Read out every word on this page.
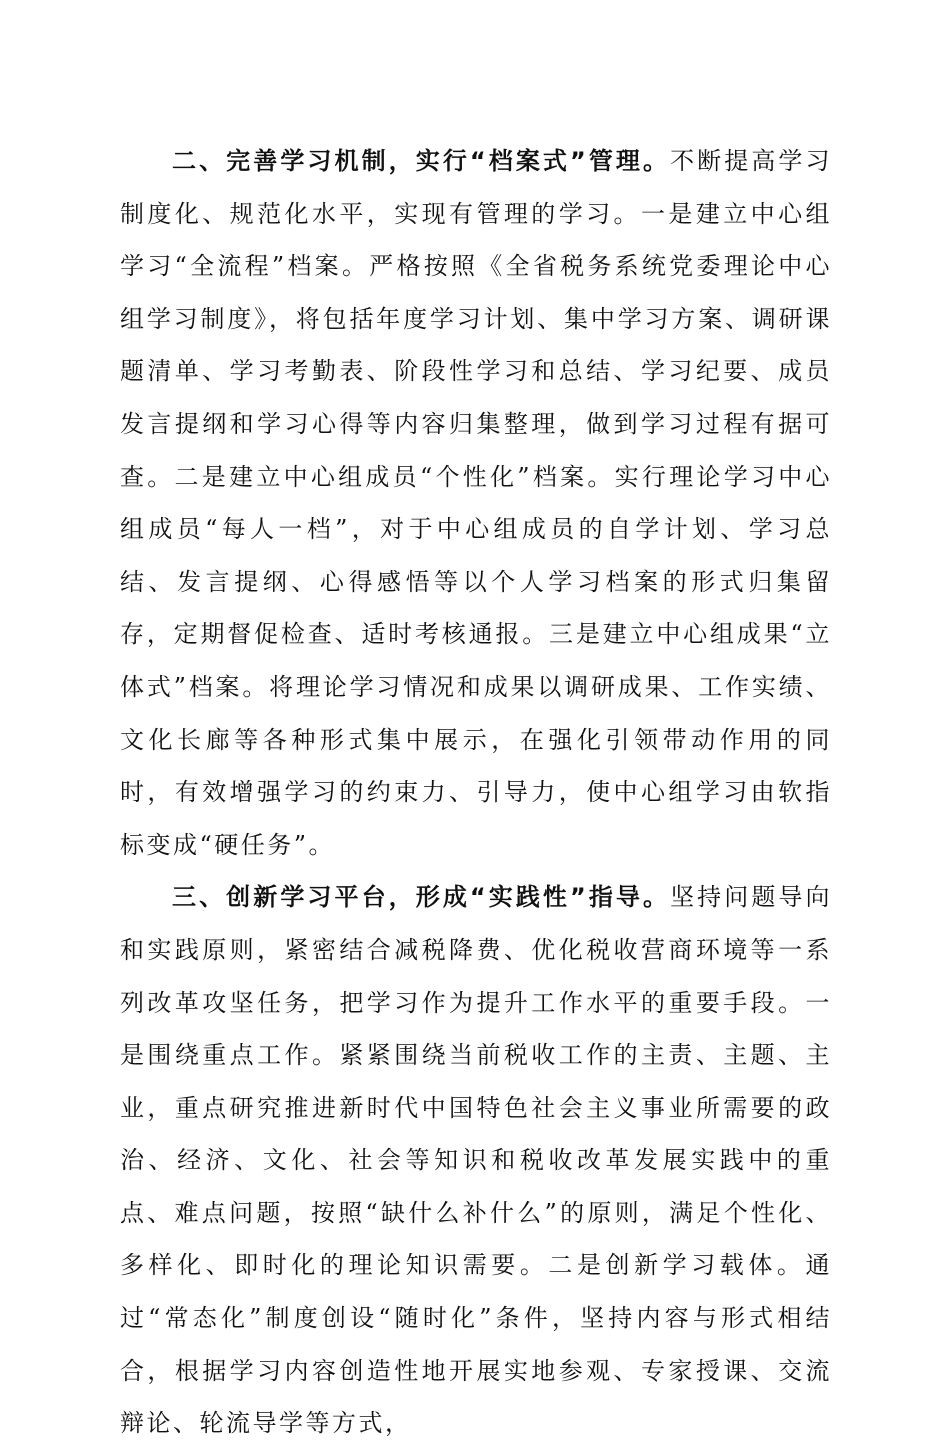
二、完善学习机制，实行“档案式”管理。不断提高学习制度化、规范化水平，实现有管理的学习。一是建立中心组学习“全流程”档案。严格按照《全省税务系统党委理论中心组学习制度》，将包括年度学习计划、集中学习方案、调研课题清单、学习考勤表、阶段性学习和总结、学习纪要、成员发言提纲和学习心得等内容归集整理，做到学习过程有据可查。二是建立中心组成员“个性化”档案。实行理论学习中心组成员“每人一档”，对于中心组成员的自学计划、学习总结、发言提纲、心得感悟等以个人学习档案的形式归集留存，定期督促检查、适时考核通报。三是建立中心组成果“立体式”档案。将理论学习情况和成果以调研成果、工作实绩、文化长廊等各种形式集中展示，在强化引领带动作用的同时，有效增强学习的约束力、引导力，使中心组学习由软指标变成“硬任务”。

三、创新学习平台，形成“实践性”指导。坚持问题导向和实践原则，紧密结合减税降费、优化税收营商环境等一系列改革攻坚任务，把学习作为提升工作水平的重要手段。一是围绕重点工作。紧紧围绕当前税收工作的主责、主题、主业，重点研究推进新时代中国特色社会主义事业所需要的政治、经济、文化、社会等知识和税收改革发展实践中的重点、难点问题，按照“缺什么补什么”的原则，满足个性化、多样化、即时化的理论知识需要。二是创新学习载体。通过“常态化”制度创设“随时化”条件，坚持内容与形式相结合，根据学习内容创造性地开展实地参观、专家授课、交流辩论、轮流导学等方式，
